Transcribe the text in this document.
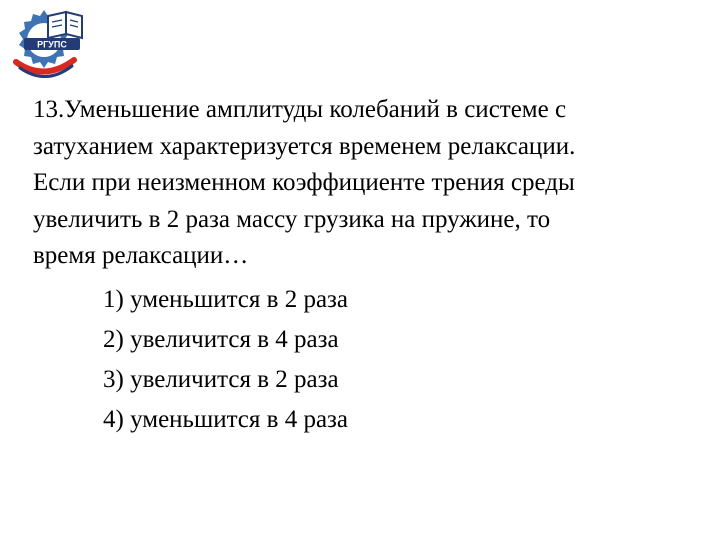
РГУПС

13.Уменьшение амплитуды колебаний в системе с
затуханием характеризуется временем релаксации.
Если при неизменном коэффициенте трения среды
увеличить в 2 раза массу грузика на пружине, то
время релаксации…

1) уменьшится в 2 раза
2) увеличится в 4 раза
3) увеличится в 2 раза
4) уменьшится в 4 раза
